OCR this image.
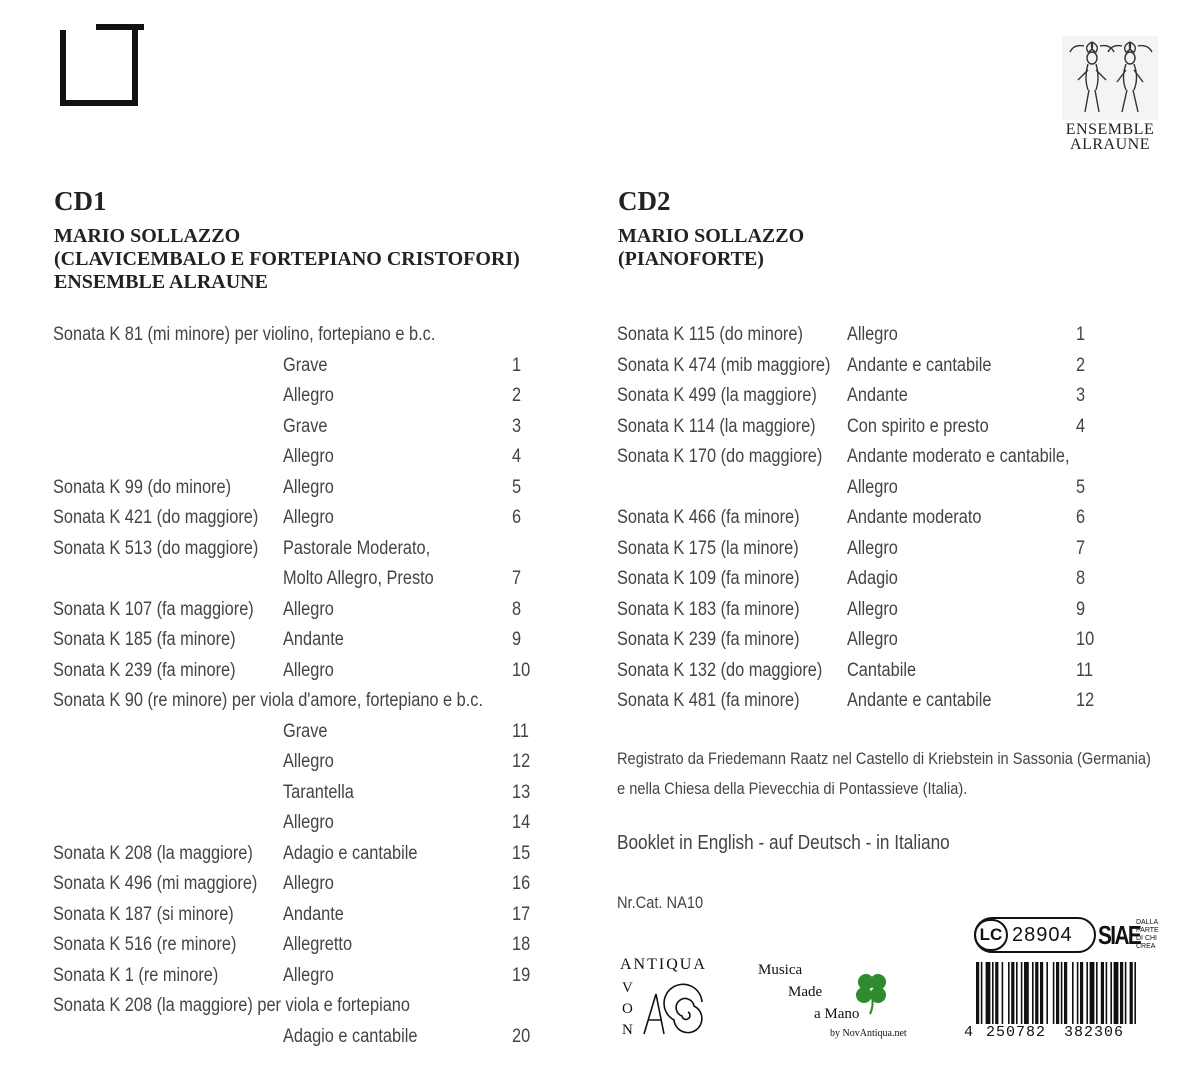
ENSEMBLE
ALRAUNE
CD1
MARIO SOLLAZZO
(CLAVICEMBALO E FORTEPIANO CRISTOFORI)
ENSEMBLE ALRAUNE
CD2
MARIO SOLLAZZO
(PIANOFORTE)
Sonata K 81 (mi minore) per violino, fortepiano e b.c.
Grave	1
Allegro	2
Grave	3
Allegro	4
Sonata K 99 (do minore)	Allegro	5
Sonata K 421 (do maggiore) Allegro	6
Sonata K 513 (do maggiore) Pastorale Moderato,
Molto Allegro, Presto	7
Sonata K 107 (fa maggiore) Allegro	8
Sonata K 185 (fa minore) Andante	9
Sonata K 239 (fa minore) Allegro	10
Sonata K 90 (re minore) per viola d'amore, fortepiano e b.c.
Grave	11
Allegro	12
Tarantella	13
Allegro	14
Sonata K 208 (la maggiore) Adagio e cantabile	15
Sonata K 496 (mi maggiore) Allegro	16
Sonata K 187 (si minore)	Andante	17
Sonata K 516 (re minore) Allegretto	18
Sonata K 1 (re minore)	Allegro	19
Sonata K 208 (la maggiore) per viola e fortepiano
Adagio e cantabile	20
Sonata K 115 (do minore) Allegro	1
Sonata K 474 (mib maggiore) Andante e cantabile	2
Sonata K 499 (la maggiore) Andante	3
Sonata K 114 (la maggiore) Con spirito e presto	4
Sonata K 170 (do maggiore) Andante moderato e cantabile,
Allegro	5
Sonata K 466 (fa minore) Andante moderato	6
Sonata K 175 (la minore)	Allegro	7
Sonata K 109 (fa minore) Adagio	8
Sonata K 183 (fa minore) Allegro	9
Sonata K 239 (fa minore) Allegro	10
Sonata K 132 (do maggiore) Cantabile	11
Sonata K 481 (fa minore) Andante e cantabile	12
Registrato da Friedemann Raatz nel Castello di Kriebstein in Sassonia (Germania)
e nella Chiesa della Pievecchia di Pontassieve (Italia).
Booklet in English - auf Deutsch - in Italiano
Nr.Cat. NA10
ANTIQUA
V
O
N
Musica
Made
a Mano
by NovAntiqua.net
LC 28904 SIAE
DALLA
PARTE
DI CHI
CREA
4 250782 382306
